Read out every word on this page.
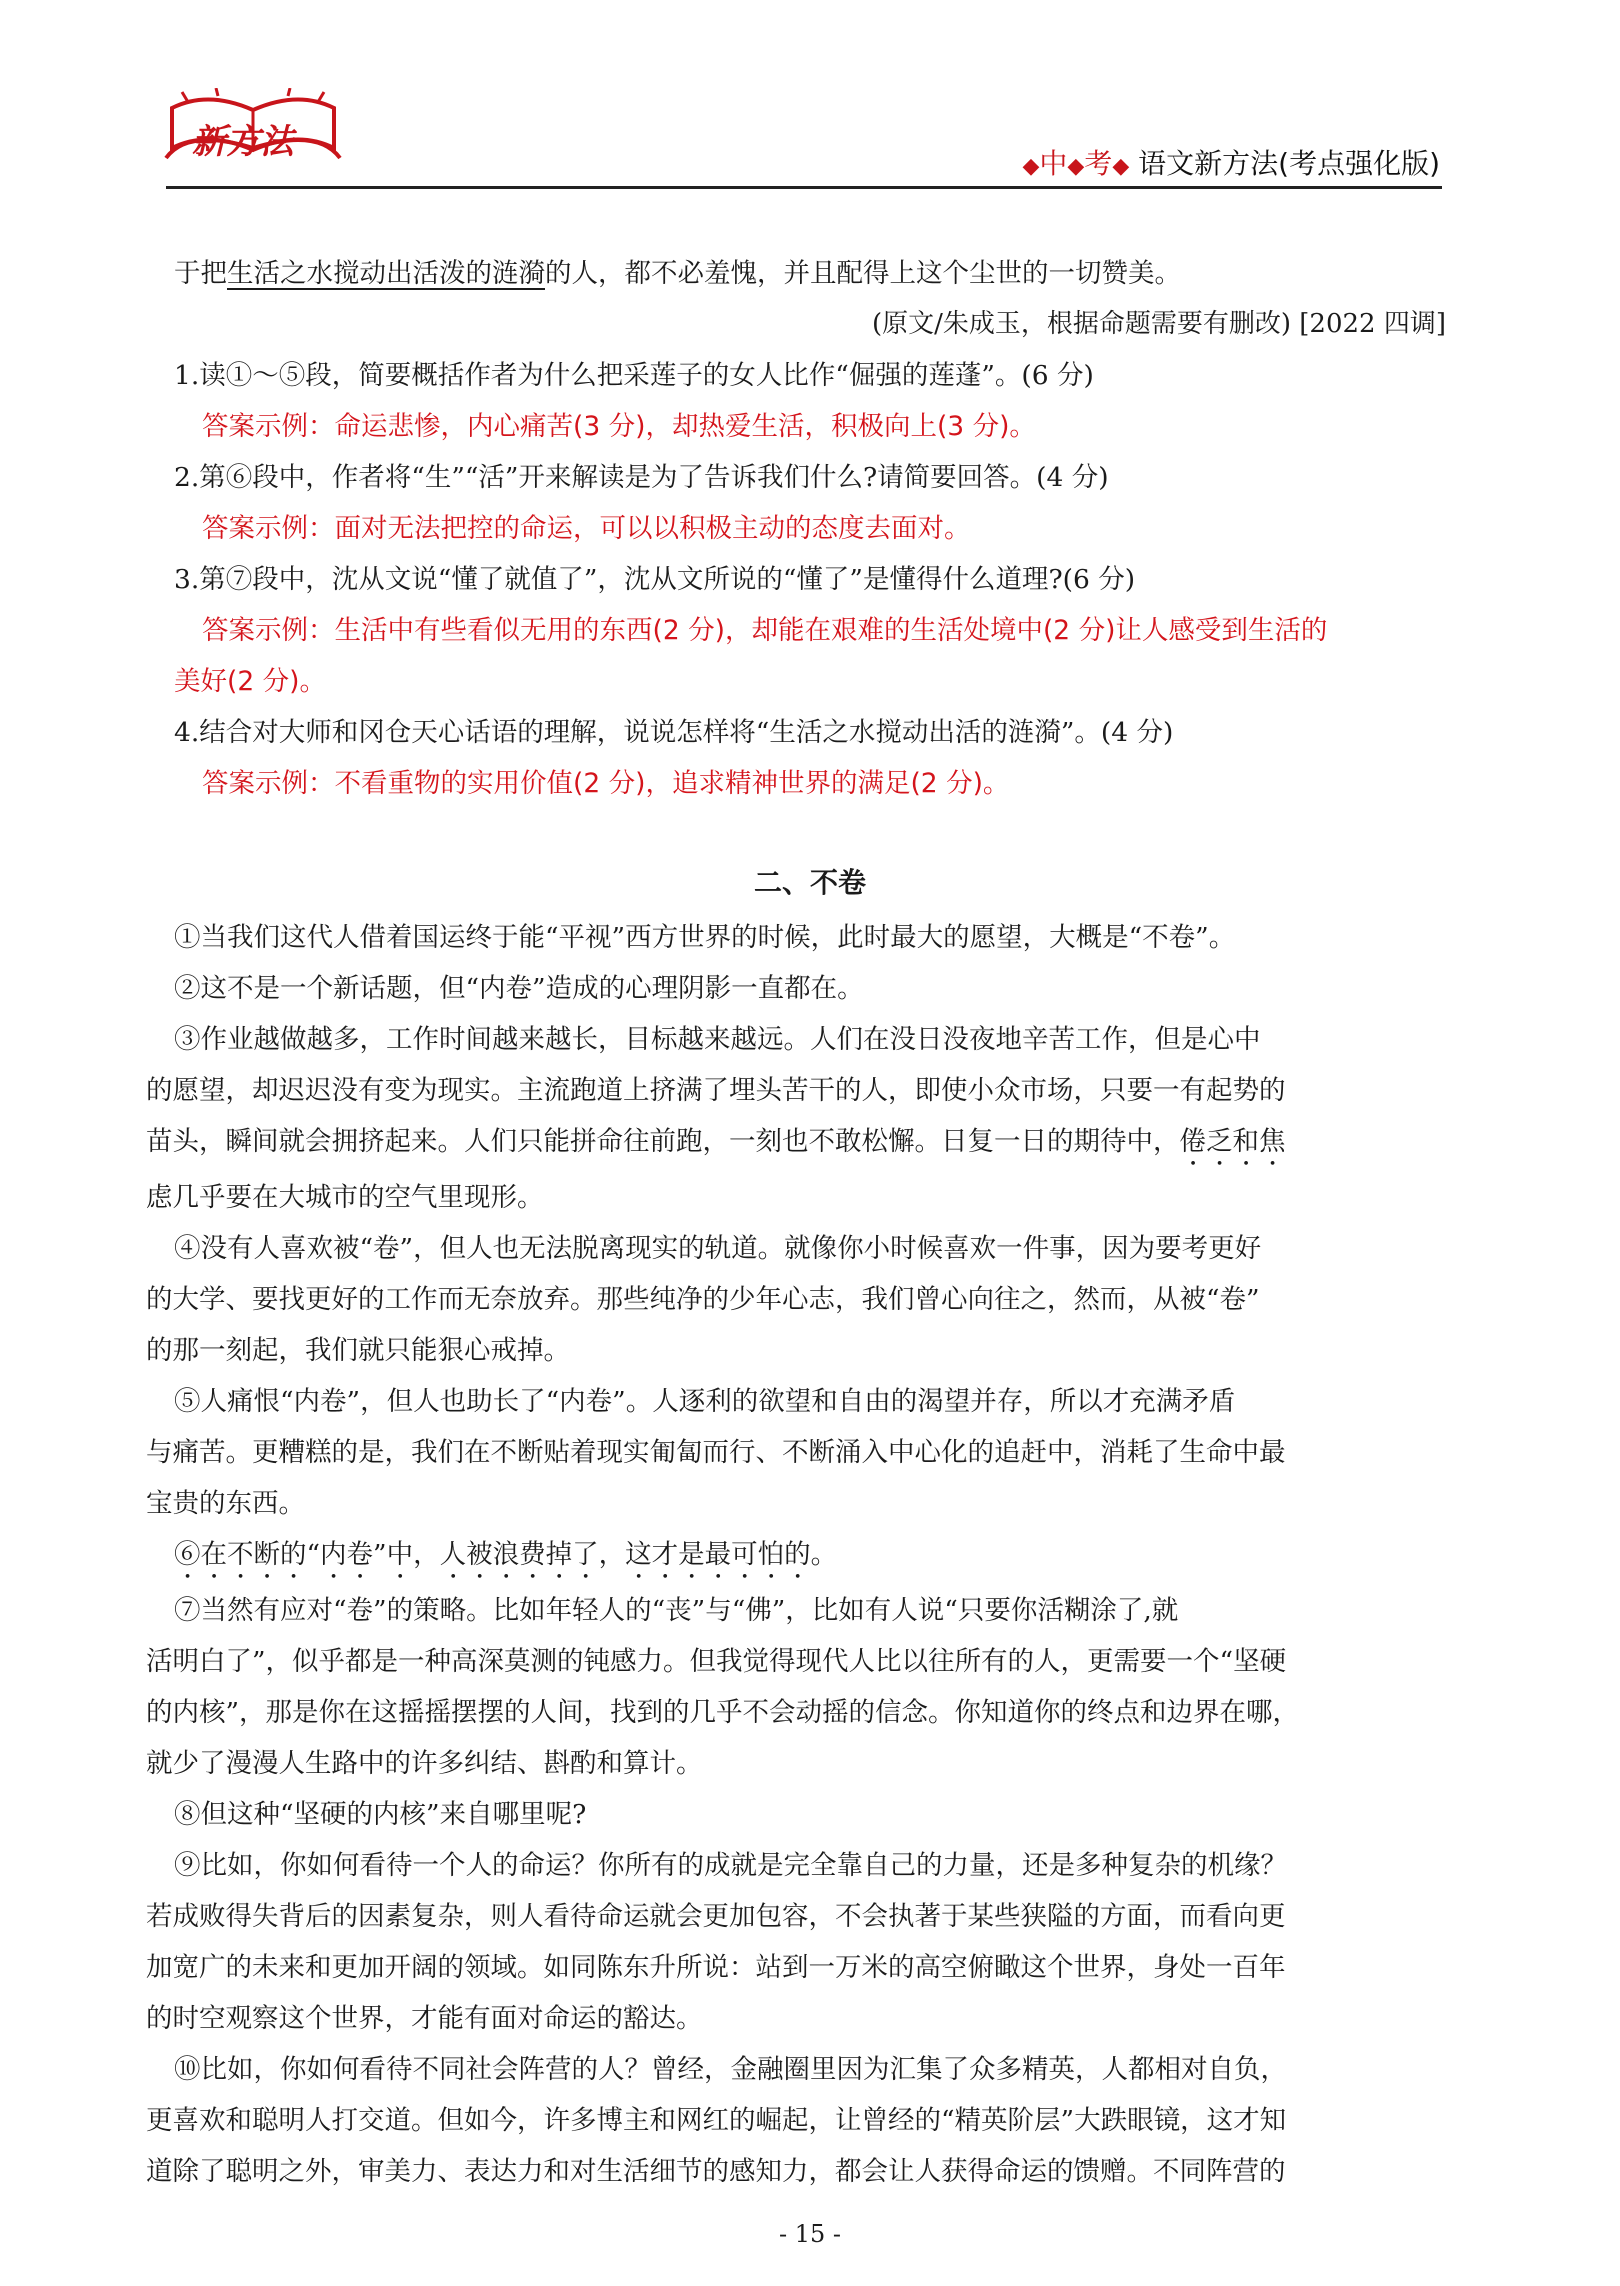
新方法
◆中◆考◆ 语文新方法(考点强化版)
于把生活之水搅动出活泼的涟漪的人，都不必羞愧，并且配得上这个尘世的一切赞美。
(原文/朱成玉，根据命题需要有删改) [2022 四调]
1.读①～⑤段，简要概括作者为什么把采莲子的女人比作“倔强的莲蓬”。(6 分)
答案示例：命运悲惨，内心痛苦(3 分)，却热爱生活，积极向上(3 分)。
2.第⑥段中，作者将“生”“活”开来解读是为了告诉我们什么?请简要回答。(4 分)
答案示例：面对无法把控的命运，可以以积极主动的态度去面对。
3.第⑦段中，沈从文说“懂了就值了”，沈从文所说的“懂了”是懂得什么道理?(6 分)
答案示例：生活中有些看似无用的东西(2 分)，却能在艰难的生活处境中(2 分)让人感受到生活的
美好(2 分)。
4.结合对大师和冈仓天心话语的理解，说说怎样将“生活之水搅动出活的涟漪”。(4 分)
答案示例：不看重物的实用价值(2 分)，追求精神世界的满足(2 分)。
二、不卷
①当我们这代人借着国运终于能“平视”西方世界的时候，此时最大的愿望，大概是“不卷”。
②这不是一个新话题，但“内卷”造成的心理阴影一直都在。
③作业越做越多，工作时间越来越长，目标越来越远。人们在没日没夜地辛苦工作，但是心中
的愿望，却迟迟没有变为现实。主流跑道上挤满了埋头苦干的人，即使小众市场，只要一有起势的
苗头，瞬间就会拥挤起来。人们只能拼命往前跑，一刻也不敢松懈。日复一日的期待中，倦乏和焦
虑几乎要在大城市的空气里现形。
④没有人喜欢被“卷”，但人也无法脱离现实的轨道。就像你小时候喜欢一件事，因为要考更好
的大学、要找更好的工作而无奈放弃。那些纯净的少年心志，我们曾心向往之，然而，从被“卷”
的那一刻起，我们就只能狠心戒掉。
⑤人痛恨“内卷”，但人也助长了“内卷”。人逐利的欲望和自由的渴望并存，所以才充满矛盾
与痛苦。更糟糕的是，我们在不断贴着现实匍匐而行、不断涌入中心化的追赶中，消耗了生命中最
宝贵的东西。
⑥在不断的“内卷”中，人被浪费掉了，这才是最可怕的。
⑦当然有应对“卷”的策略。比如年轻人的“丧”与“佛”，比如有人说“只要你活糊涂了,就
活明白了”，似乎都是一种高深莫测的钝感力。但我觉得现代人比以往所有的人，更需要一个“坚硬
的内核”，那是你在这摇摇摆摆的人间，找到的几乎不会动摇的信念。你知道你的终点和边界在哪，
就少了漫漫人生路中的许多纠结、斟酌和算计。
⑧但这种“坚硬的内核”来自哪里呢?
⑨比如，你如何看待一个人的命运？你所有的成就是完全靠自己的力量，还是多种复杂的机缘？
若成败得失背后的因素复杂，则人看待命运就会更加包容，不会执著于某些狭隘的方面，而看向更
加宽广的未来和更加开阔的领域。如同陈东升所说：站到一万米的高空俯瞰这个世界，身处一百年
的时空观察这个世界，才能有面对命运的豁达。
⑩比如，你如何看待不同社会阵营的人？曾经，金融圈里因为汇集了众多精英，人都相对自负，
更喜欢和聪明人打交道。但如今，许多博主和网红的崛起，让曾经的“精英阶层”大跌眼镜，这才知
道除了聪明之外，审美力、表达力和对生活细节的感知力，都会让人获得命运的馈赠。不同阵营的
- 15 -
